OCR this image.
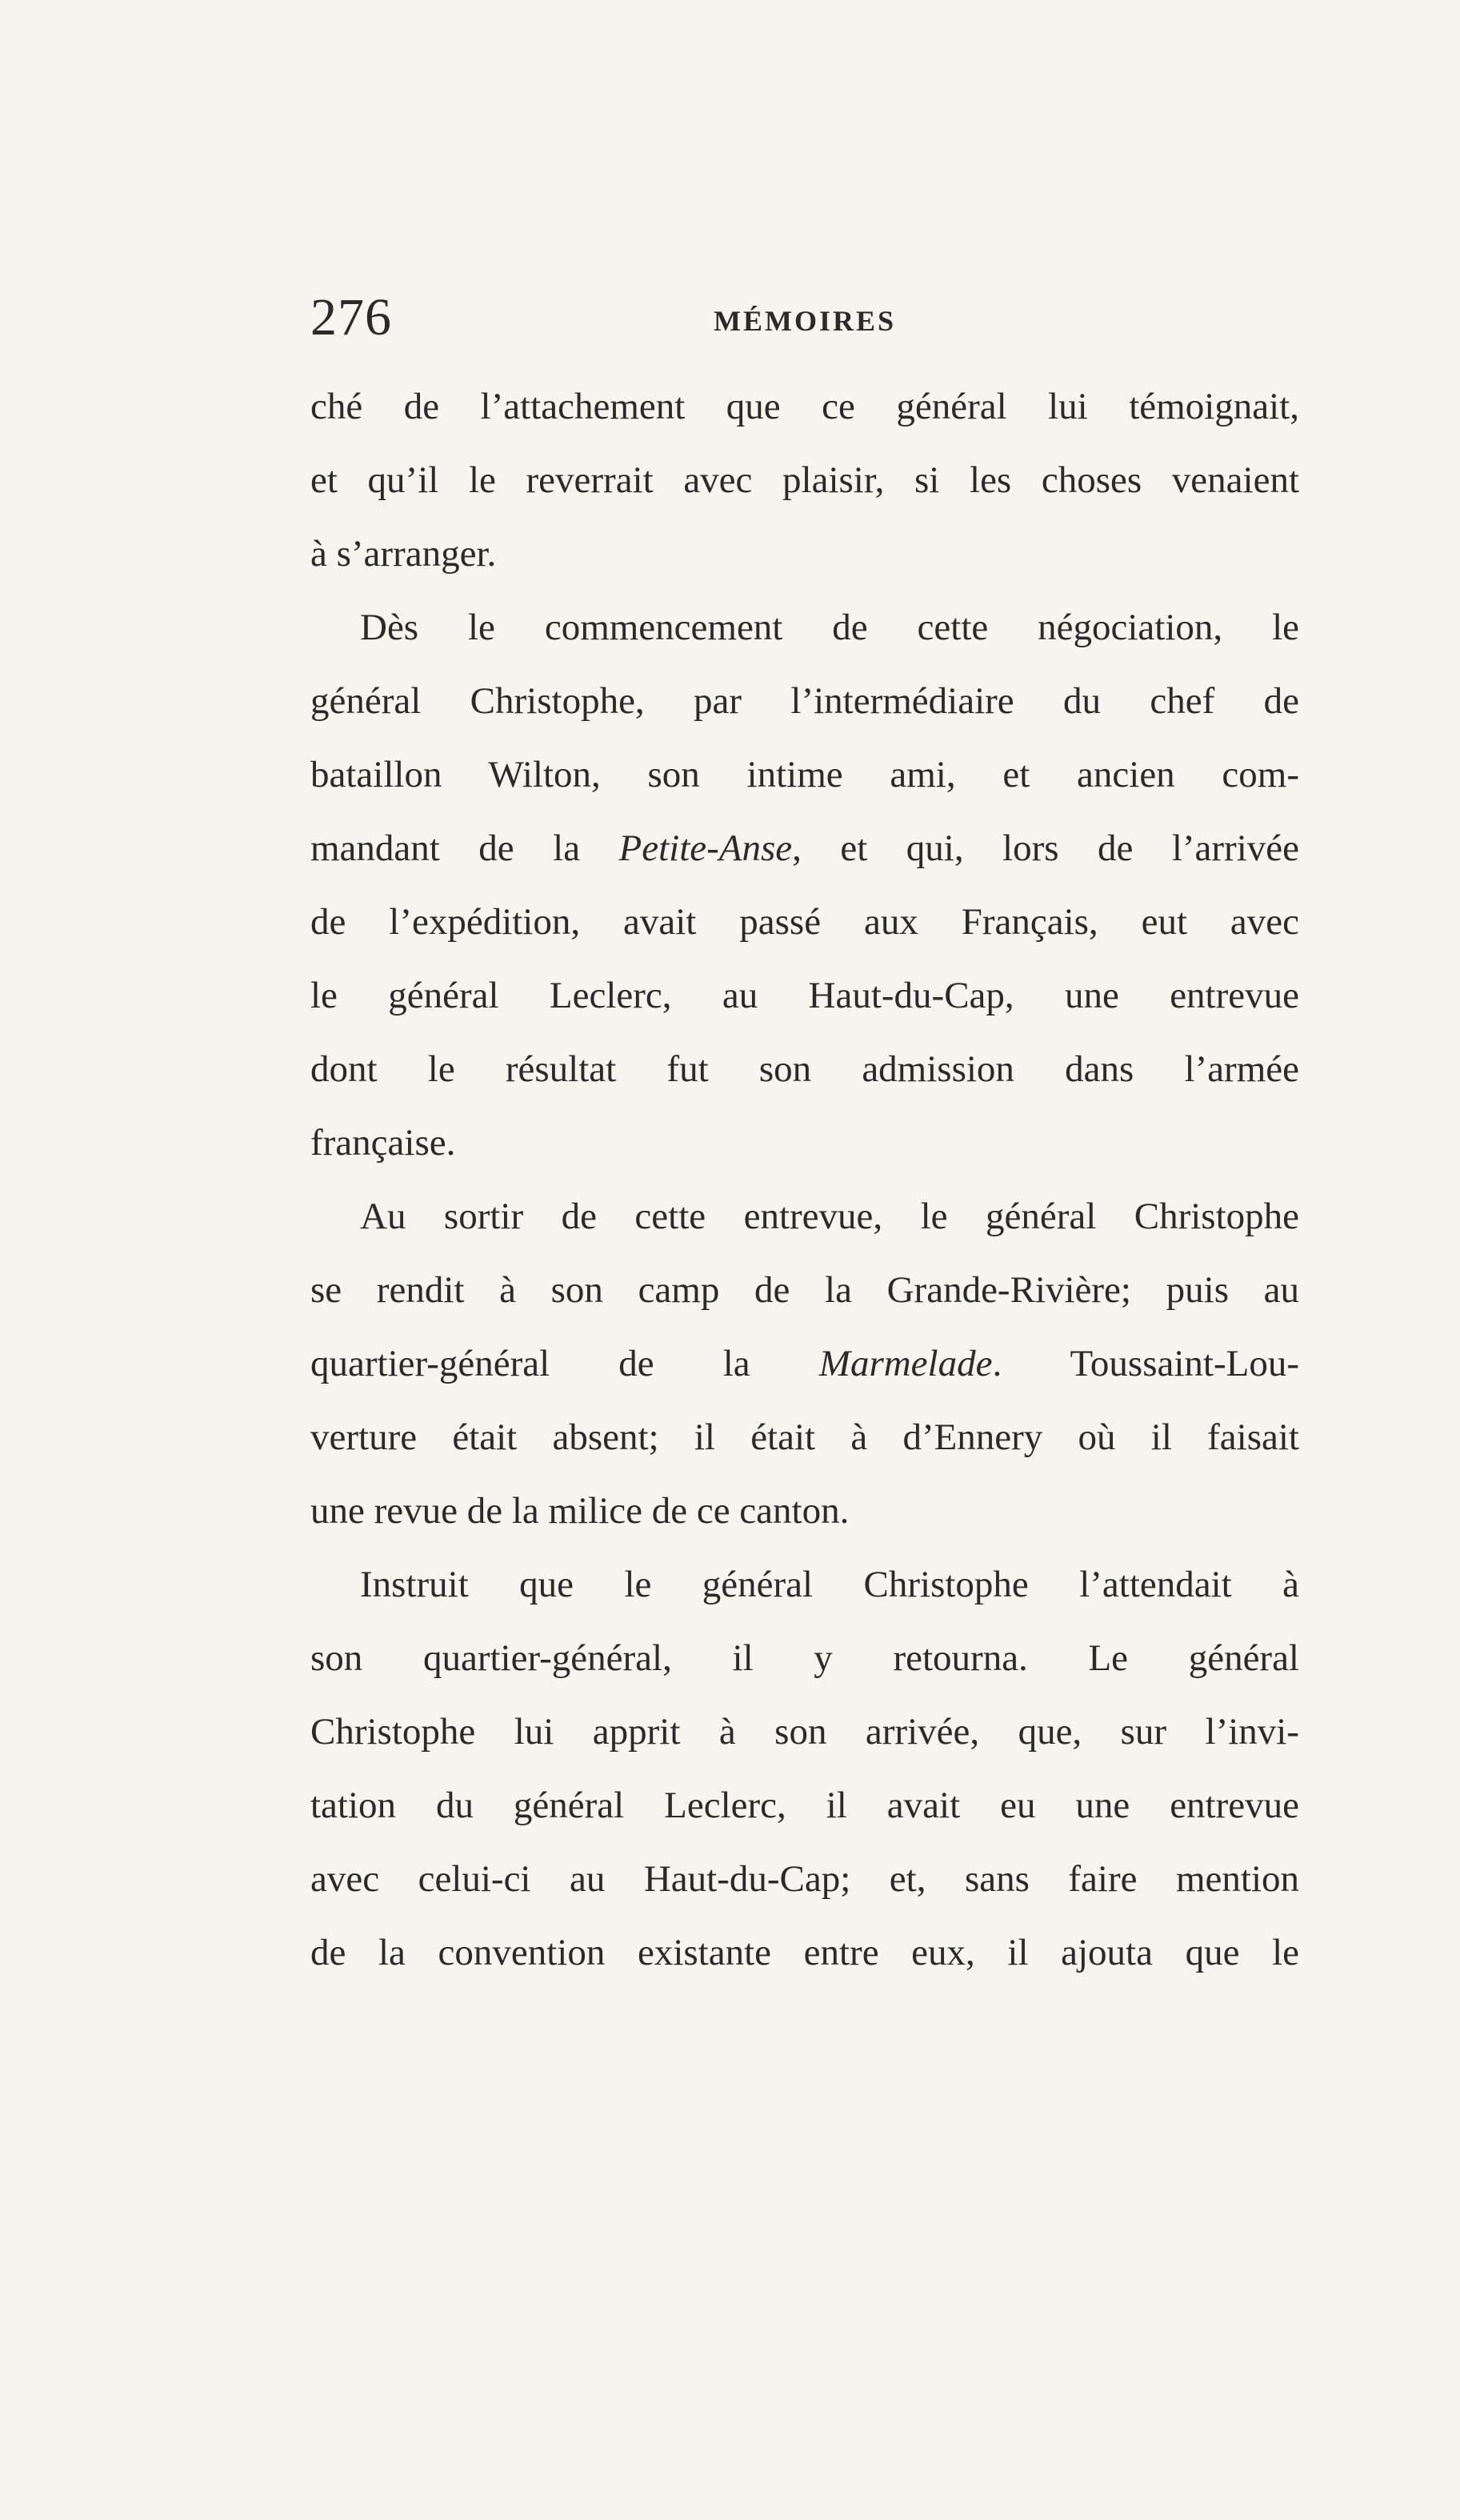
276	MÉMOIRES
ché de l’attachement que ce général lui témoignait,
et qu’il le reverrait avec plaisir, si les choses venaient
à s’arranger.
Dès le commencement de cette négociation, le
général Christophe, par l’intermédiaire du chef de
bataillon Wilton, son intime ami, et ancien com-
mandant de la Petite-Anse, et qui, lors de l’arrivée
de l’expédition, avait passé aux Français, eut avec
le général Leclerc, au Haut-du-Cap, une entrevue
dont le résultat fut son admission dans l’armée
française.
Au sortir de cette entrevue, le général Christophe
se rendit à son camp de la Grande-Rivière; puis au
quartier-général de la Marmelade. Toussaint-Lou-
verture était absent; il était à d’Ennery où il faisait
une revue de la milice de ce canton.
Instruit que le général Christophe l’attendait à
son quartier-général, il y retourna. Le général
Christophe lui apprit à son arrivée, que, sur l’invi-
tation du général Leclerc, il avait eu une entrevue
avec celui-ci au Haut-du-Cap; et, sans faire mention
de la convention existante entre eux, il ajouta que le
